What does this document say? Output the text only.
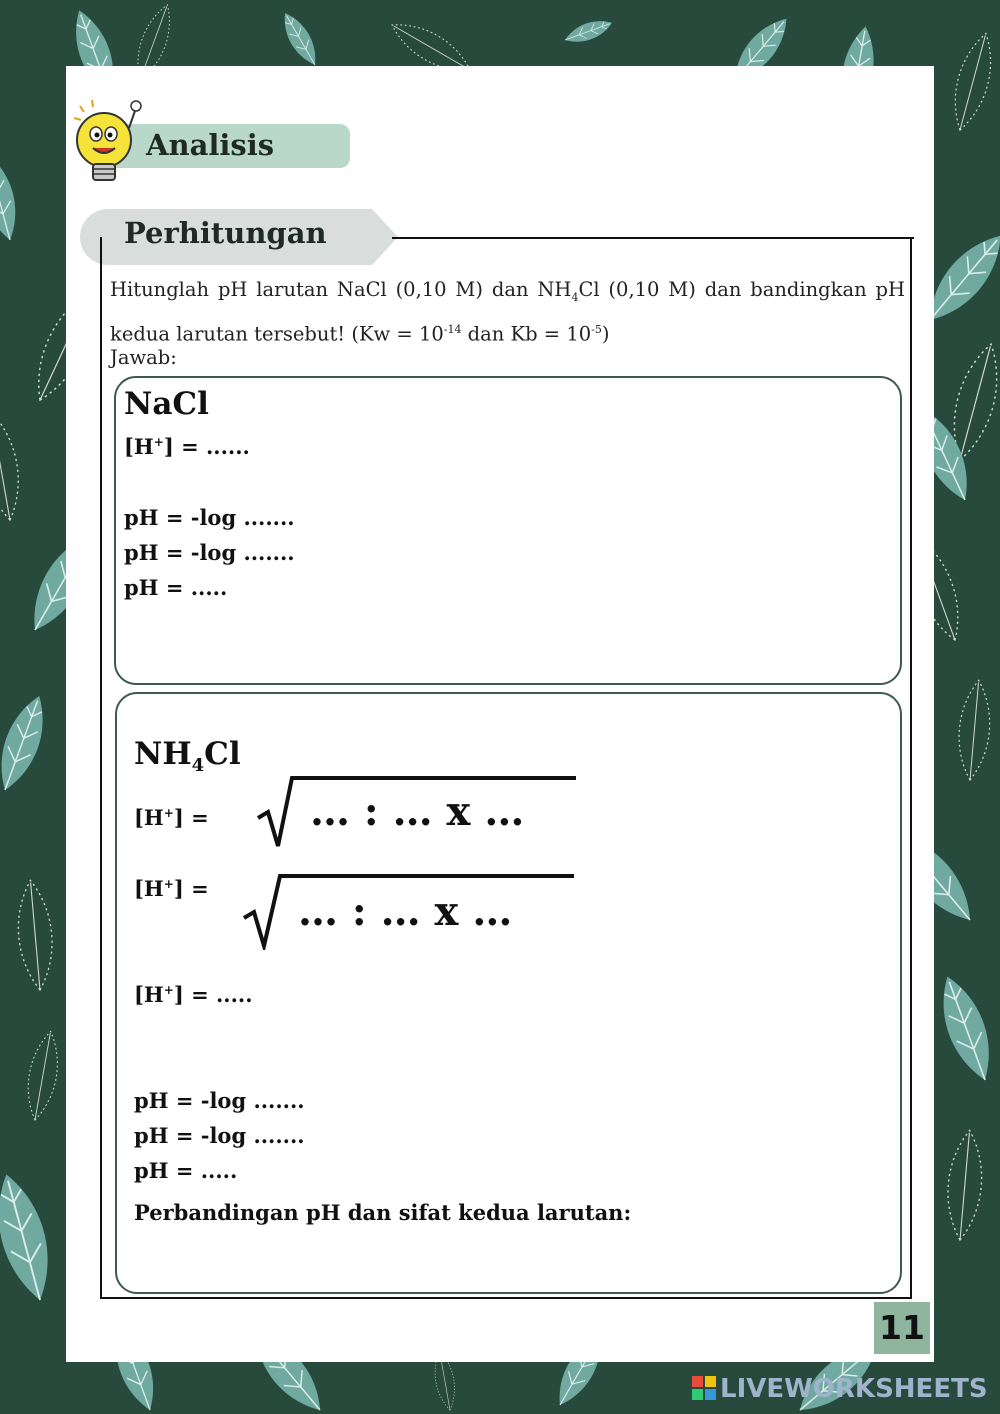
Analisis
Perhitungan
Hitunglah pH larutan NaCl (0,10 M) dan $NH_4Cl$ (0,10 M) dan bandingkan pH kedua larutan tersebut! ($Kw = 10^{-14}$ dan $Kb = 10^{-5}$)
Jawab:
NaCl
[H+] = ......
pH = -log .......
pH = -log .......
pH = .....
$NH_4Cl$
[H+] =	… : … x …
[H+] = … : … x …
[H+] = .....
pH = -log .......
pH = -log .......
pH = .....
Perbandingan pH dan sifat kedua larutan:
11
LIVEWORKSHEETS
